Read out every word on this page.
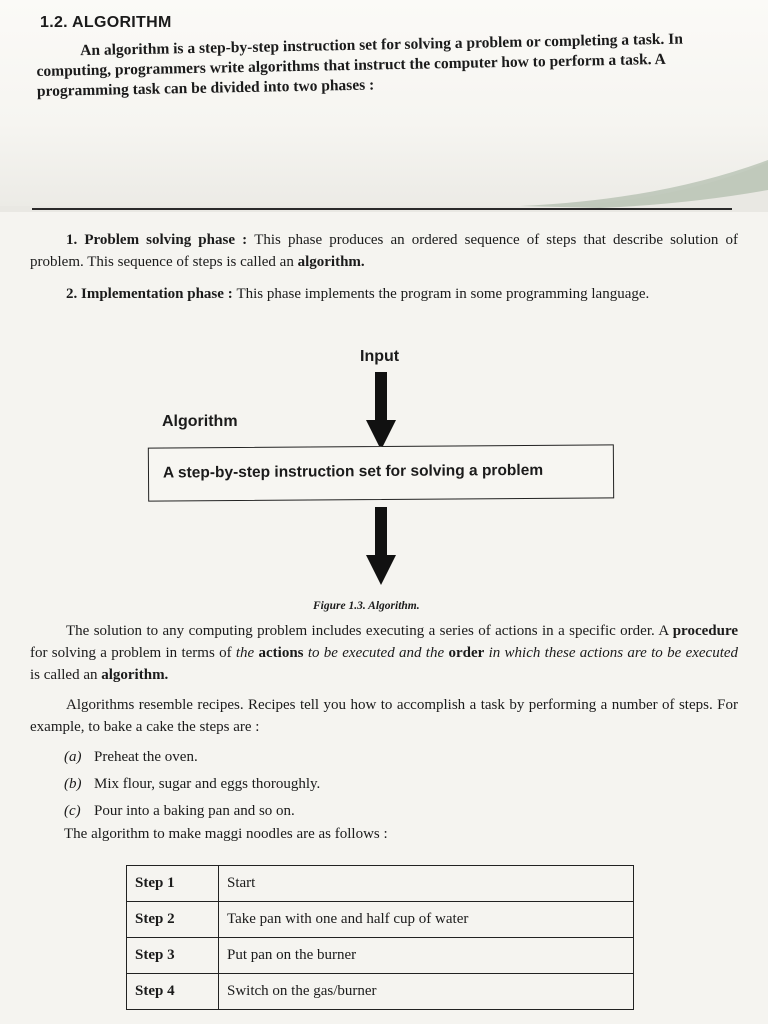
1.2. ALGORITHM

An algorithm is a step-by-step instruction set for solving a problem or completing a task. In computing, programmers write algorithms that instruct the computer how to perform a task. A programming task can be divided into two phases :

1. Problem solving phase : This phase produces an ordered sequence of steps that describe solution of problem. This sequence of steps is called an algorithm.

2. Implementation phase : This phase implements the program in some programming language.

Input
Algorithm
A step-by-step instruction set for solving a problem

Figure 1.3. Algorithm.

The solution to any computing problem includes executing a series of actions in a specific order. A procedure for solving a problem in terms of the actions to be executed and the order in which these actions are to be executed is called an algorithm.

Algorithms resemble recipes. Recipes tell you how to accomplish a task by performing a number of steps. For example, to bake a cake the steps are :

(a) Preheat the oven.
(b) Mix flour, sugar and eggs thoroughly.
(c) Pour into a baking pan and so on.

The algorithm to make maggi noodles are as follows :

Step 1	Start
Step 2	Take pan with one and half cup of water
Step 3	Put pan on the burner
Step 4	Switch on the gas/burner
